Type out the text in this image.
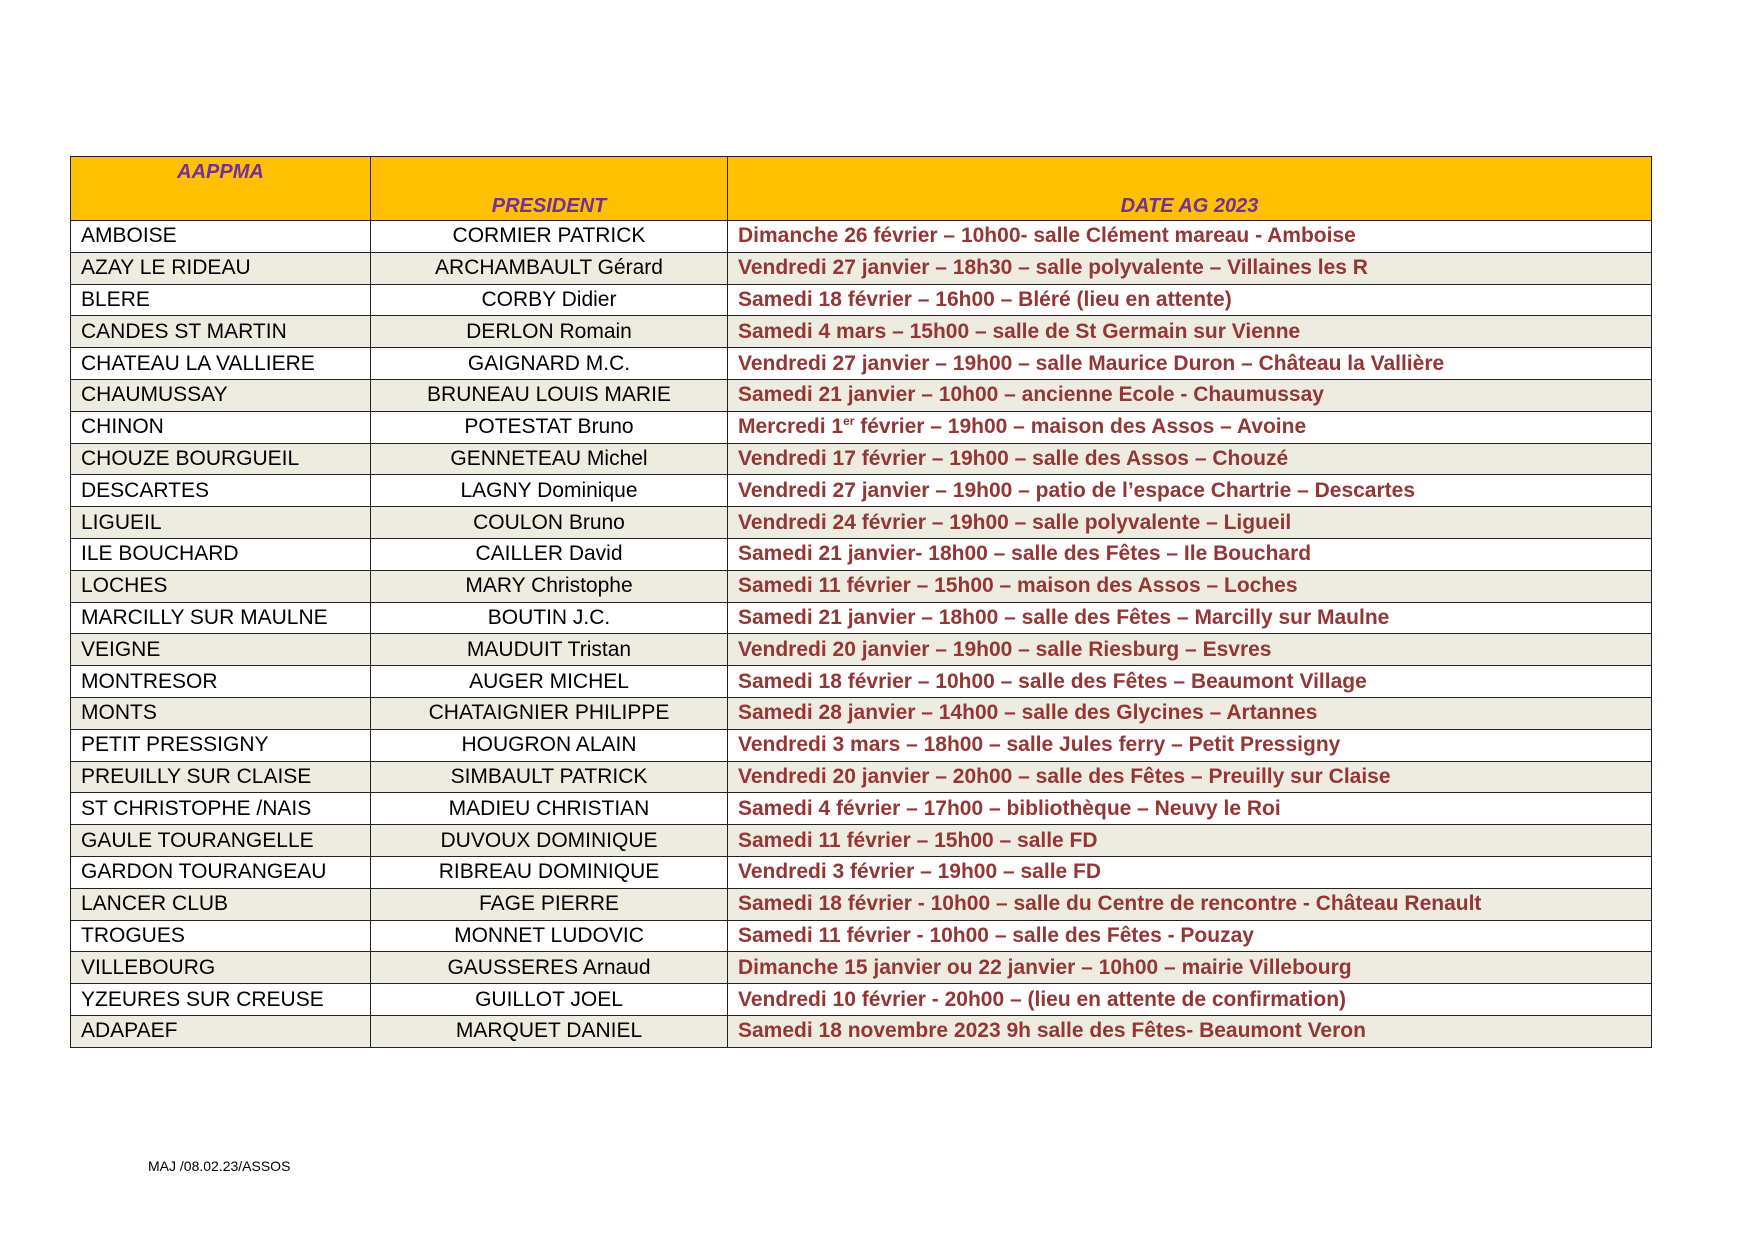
AAPPMA	PRESIDENT	DATE AG 2023
AMBOISE	CORMIER PATRICK	Dimanche 26 février – 10h00- salle Clément mareau - Amboise
AZAY LE RIDEAU	ARCHAMBAULT Gérard	Vendredi 27 janvier – 18h30 – salle polyvalente – Villaines les R
BLERE	CORBY Didier	Samedi 18 février – 16h00 – Bléré (lieu en attente)
CANDES ST MARTIN	DERLON Romain	Samedi 4 mars – 15h00 – salle de St Germain sur Vienne
CHATEAU LA VALLIERE	GAIGNARD M.C.	Vendredi 27 janvier – 19h00 – salle Maurice Duron – Château la Vallière
CHAUMUSSAY	BRUNEAU LOUIS MARIE	Samedi 21 janvier – 10h00 – ancienne Ecole - Chaumussay
CHINON	POTESTAT Bruno	Mercredi 1er février – 19h00 – maison des Assos – Avoine
CHOUZE BOURGUEIL	GENNETEAU Michel	Vendredi 17 février – 19h00 – salle des Assos – Chouzé
DESCARTES	LAGNY Dominique	Vendredi 27 janvier – 19h00 – patio de l’espace Chartrie – Descartes
LIGUEIL	COULON Bruno	Vendredi 24 février – 19h00 – salle polyvalente – Ligueil
ILE BOUCHARD	CAILLER David	Samedi 21 janvier- 18h00 – salle des Fêtes – Ile Bouchard
LOCHES	MARY Christophe	Samedi 11 février – 15h00 – maison des Assos – Loches
MARCILLY SUR MAULNE	BOUTIN J.C.	Samedi 21 janvier – 18h00 – salle des Fêtes – Marcilly sur Maulne
VEIGNE	MAUDUIT Tristan	Vendredi 20 janvier – 19h00 – salle Riesburg – Esvres
MONTRESOR	AUGER MICHEL	Samedi 18 février – 10h00 – salle des Fêtes – Beaumont Village
MONTS	CHATAIGNIER PHILIPPE	Samedi 28 janvier – 14h00 – salle des Glycines – Artannes
PETIT PRESSIGNY	HOUGRON ALAIN	Vendredi 3 mars – 18h00 – salle Jules ferry – Petit Pressigny
PREUILLY SUR CLAISE	SIMBAULT PATRICK	Vendredi 20 janvier – 20h00 – salle des Fêtes – Preuilly sur Claise
ST CHRISTOPHE /NAIS	MADIEU CHRISTIAN	Samedi 4 février – 17h00 – bibliothèque – Neuvy le Roi
GAULE TOURANGELLE	DUVOUX DOMINIQUE	Samedi 11 février – 15h00 – salle FD
GARDON TOURANGEAU	RIBREAU DOMINIQUE	Vendredi 3 février – 19h00 – salle FD
LANCER CLUB	FAGE PIERRE	Samedi 18 février - 10h00 – salle du Centre de rencontre - Château Renault
TROGUES	MONNET LUDOVIC	Samedi 11 février - 10h00 – salle des Fêtes - Pouzay
VILLEBOURG	GAUSSERES Arnaud	Dimanche 15 janvier ou 22 janvier – 10h00 – mairie Villebourg
YZEURES SUR CREUSE	GUILLOT JOEL	Vendredi 10 février - 20h00 – (lieu en attente de confirmation)
ADAPAEF	MARQUET DANIEL	Samedi 18 novembre 2023 9h salle des Fêtes- Beaumont Veron
MAJ /08.02.23/ASSOS
